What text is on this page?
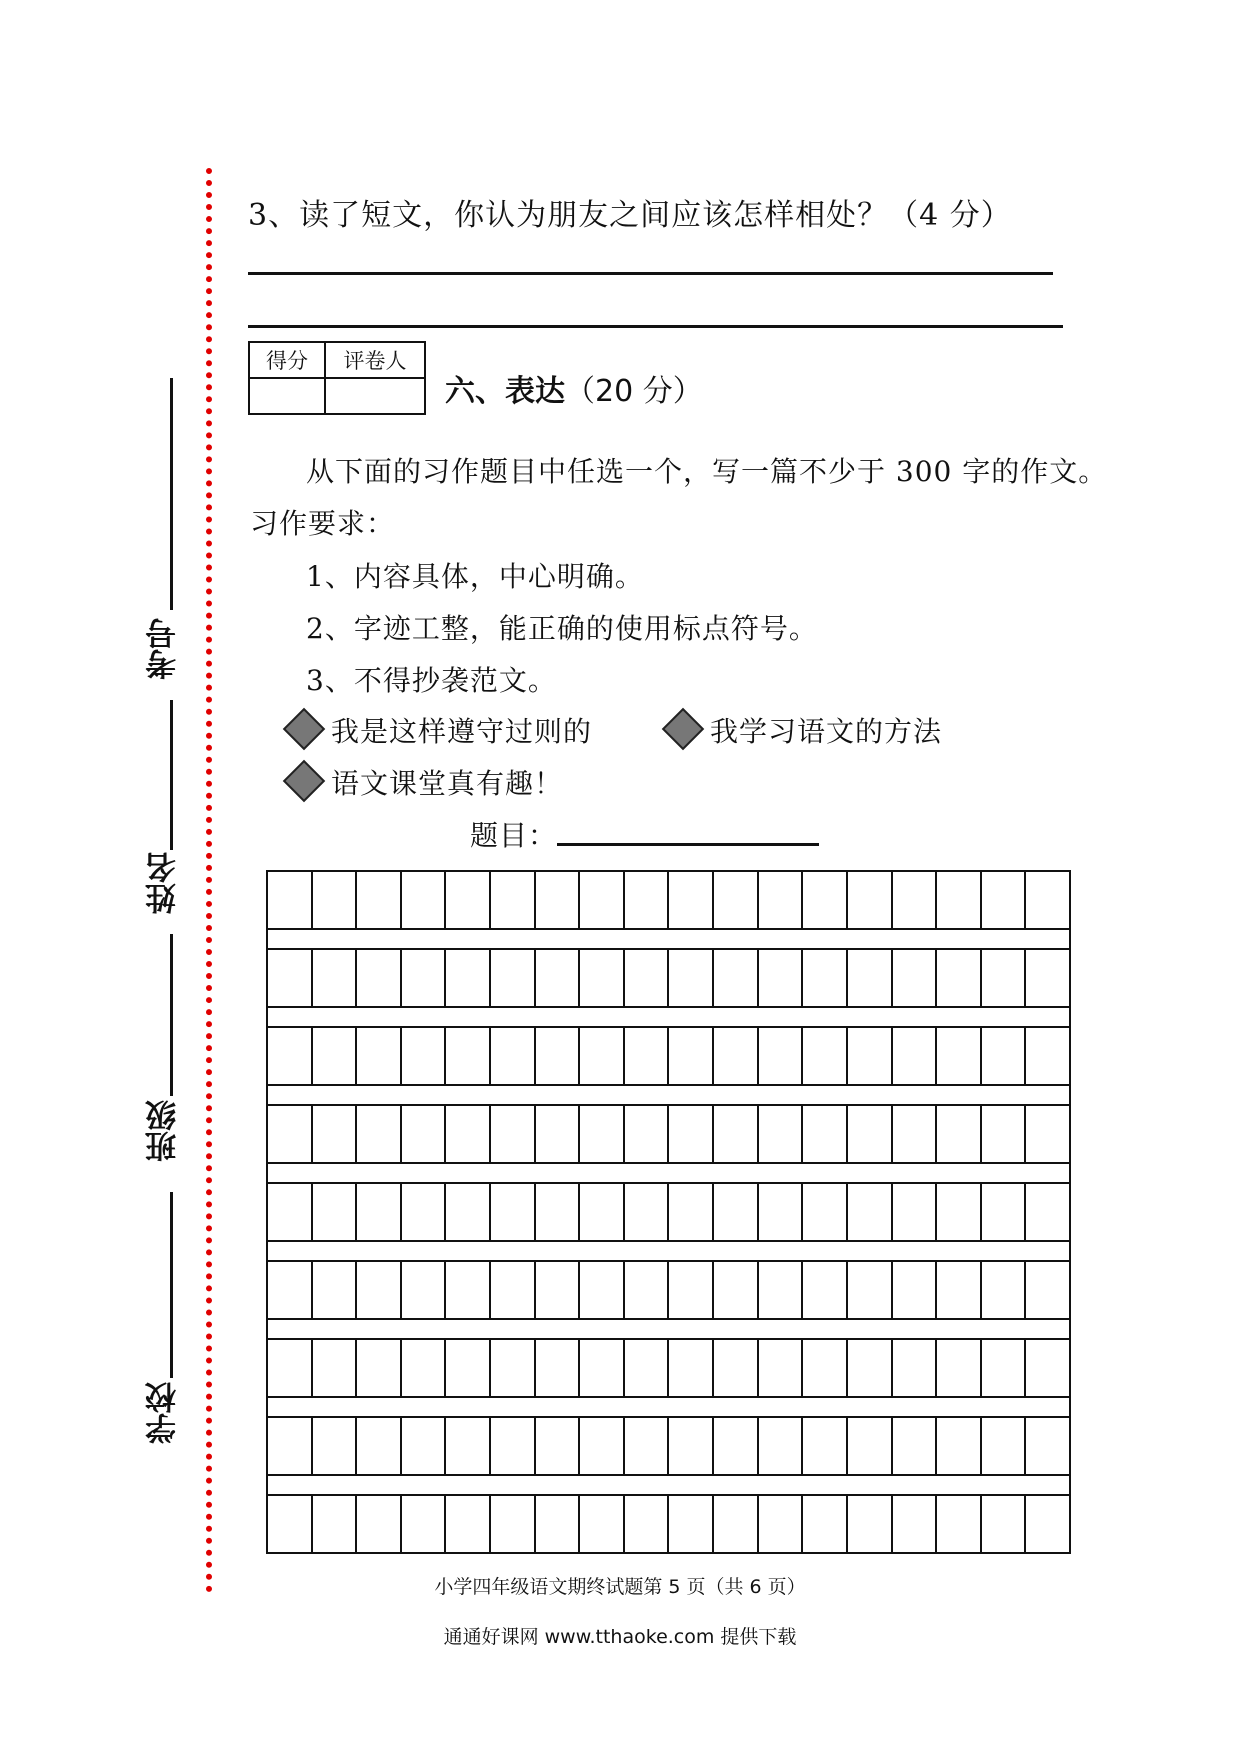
考号
姓名
班级
学校
3、读了短文，你认为朋友之间应该怎样相处？（4 分）
得分	评卷人

六、表达（20 分）
从下面的习作题目中任选一个，写一篇不少于 300 字的作文。
习作要求：
1、内容具体，中心明确。
2、字迹工整，能正确的使用标点符号。
3、不得抄袭范文。
我是这样遵守过则的	我学习语文的方法
语文课堂真有趣！
题目：
小学四年级语文期终试题第 5 页（共 6 页）
通通好课网 www.tthaoke.com 提供下载
